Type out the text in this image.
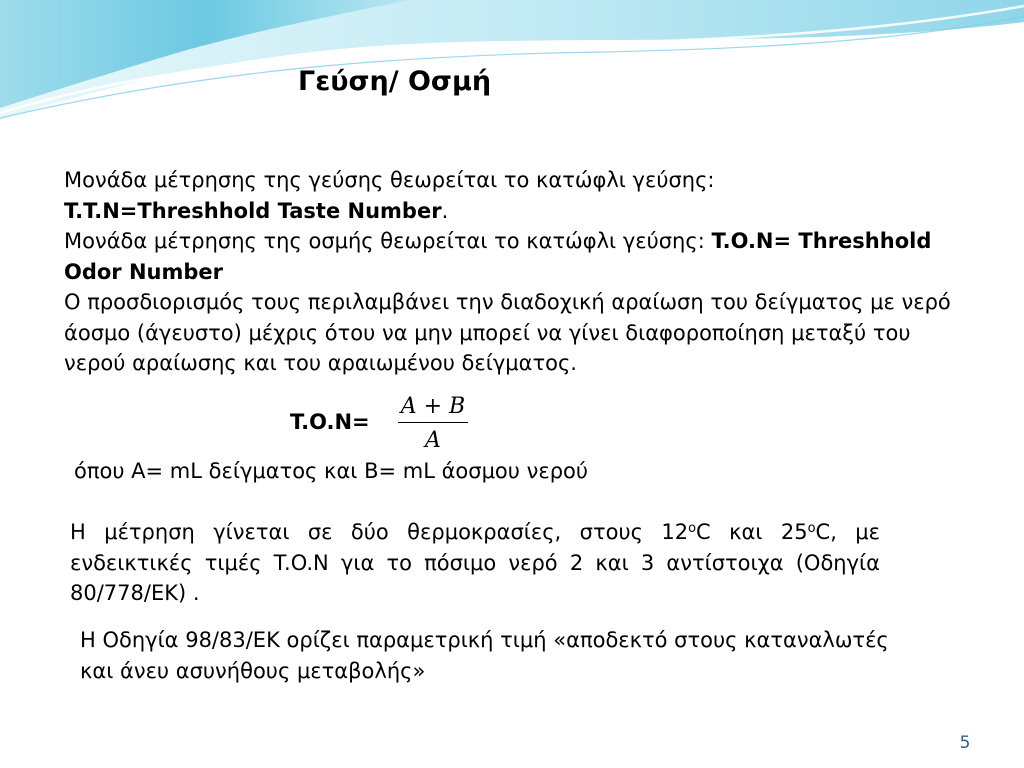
Γεύση/ Οσμή

Μονάδα μέτρησης της γεύσης θεωρείται το κατώφλι γεύσης:
T.T.N=Threshhold Taste Number.

Μονάδα μέτρησης της οσμής θεωρείται το κατώφλι γεύσης: T.O.N= Threshhold Odor Number

Ο προσδιορισμός τους περιλαμβάνει την διαδοχική αραίωση του δείγματος με νερό άοσμο (άγευστο) μέχρις ότου να μην μπορεί να γίνει διαφοροποίηση μεταξύ του νερού αραίωσης και του αραιωμένου δείγματος.

T.O.N=
A + B
A

όπου A= mL δείγματος και B= mL άοσμου νερού

Η μέτρηση γίνεται σε δύο θερμοκρασίες, στους $12^oC$ και $25^oC$, με ενδεικτικές τιμές T.O.N για το πόσιμο νερό 2 και 3 αντίστοιχα (Οδηγία 80/778/ΕΚ) .

Η Οδηγία 98/83/ΕΚ ορίζει παραμετρική τιμή «αποδεκτό στους καταναλωτές και άνευ ασυνήθους μεταβολής»

5
